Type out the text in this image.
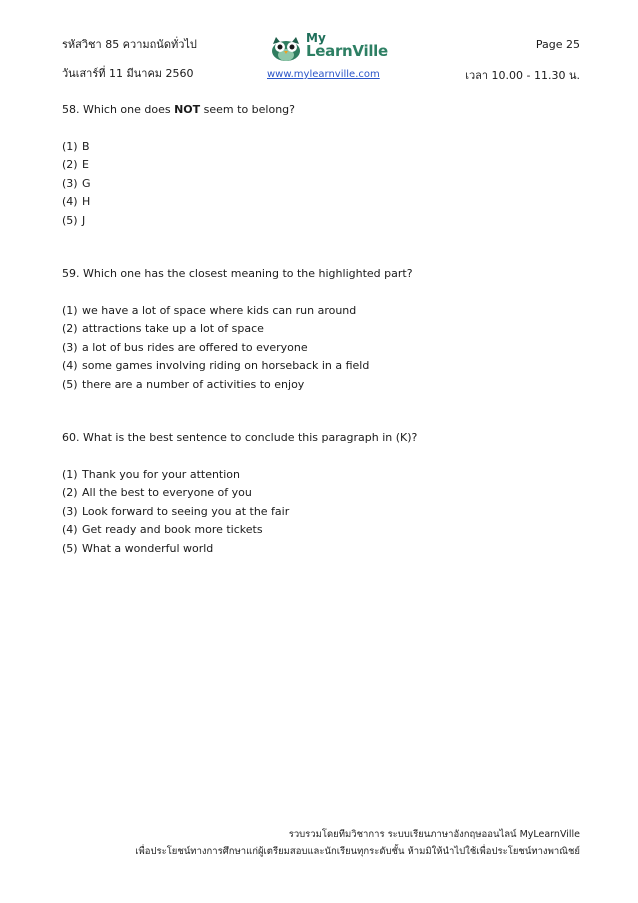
รหัสวิชา 85 ความถนัดทั่วไป
วันเสาร์ที่ 11 มีนาคม 2560
My
LearnVille
www.mylearnville.com
Page 25
เวลา 10.00 - 11.30 น.
58. Which one does NOT seem to belong?
(1) B
(2) E
(3) G
(4) H
(5) J
59. Which one has the closest meaning to the highlighted part?
(1) we have a lot of space where kids can run around
(2) attractions take up a lot of space
(3) a lot of bus rides are offered to everyone
(4) some games involving riding on horseback in a field
(5) there are a number of activities to enjoy
60. What is the best sentence to conclude this paragraph in (K)?
(1) Thank you for your attention
(2) All the best to everyone of you
(3) Look forward to seeing you at the fair
(4) Get ready and book more tickets
(5) What a wonderful world
รวบรวมโดยทีมวิชาการ ระบบเรียนภาษาอังกฤษออนไลน์ MyLearnVille
เพื่อประโยชน์ทางการศึกษาแก่ผู้เตรียมสอบและนักเรียนทุกระดับชั้น ห้ามมิให้นำไปใช้เพื่อประโยชน์ทางพาณิชย์
